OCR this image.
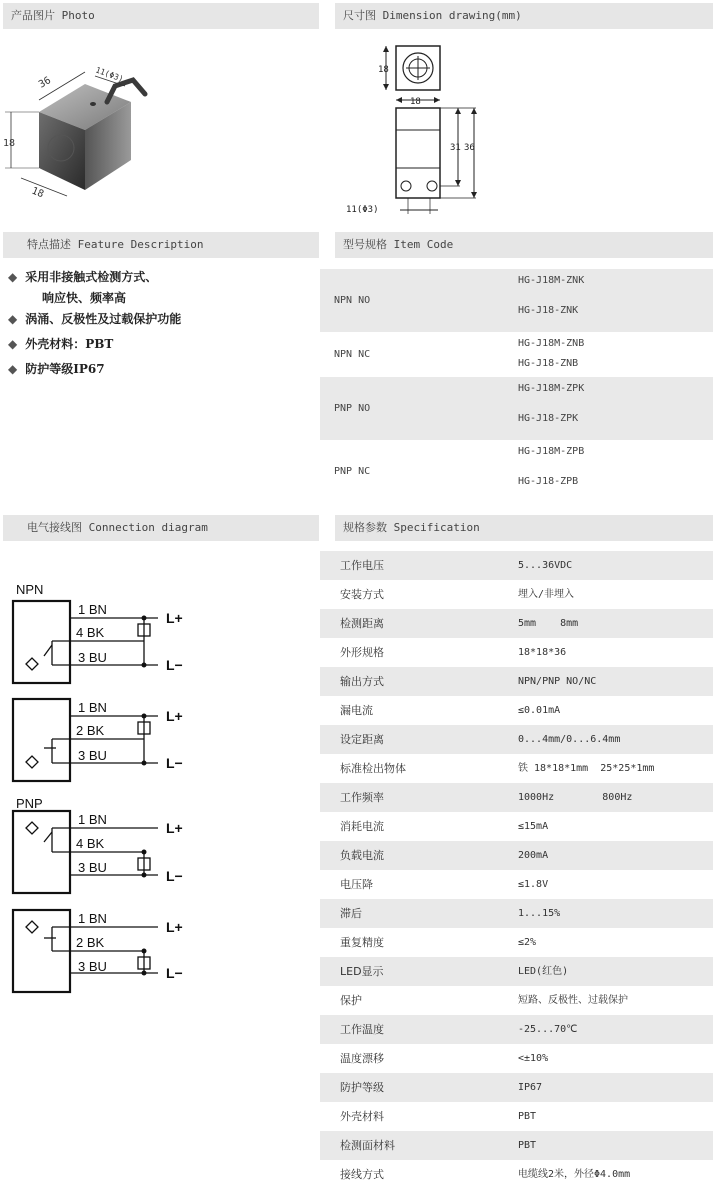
产品图片 Photo	尺寸图 Dimension drawing(mm)
特点描述 Feature Description	型号规格 Item Code
电气接线图 Connection diagram	规格参数 Specification
36	11(Φ3)
18
18
18
18
31 36
11(Φ3)
◆ 采用非接触式检测方式、
响应快、频率高
◆ 涡涌、反极性及过载保护功能
◆ 外壳材料：PBT
◆ 防护等级IP67
NPN NO
HG-J18M-ZNK
HG-J18-ZNK
NPN NC
HG-J18M-ZNB
HG-J18-ZNB
PNP NO
HG-J18M-ZPK
HG-J18-ZPK
PNP NC
HG-J18M-ZPB
HG-J18-ZPB
NPN
PNP
1 BN
4 BK
3 BU
L+
L−
1 BN
2 BK
3 BU
L+
L−
1 BN
4 BK
3 BU
L+
L−
1 BN
2 BK
3 BU
L+
L−
工作电压	5...36VDC
安装方式	埋入/非埋入
检测距离	5mm    8mm
外形规格	18*18*36
输出方式	NPN/PNP NO/NC
漏电流	≤0.01mA
设定距离	0...4mm/0...6.4mm
标准检出物体	铁 18*18*1mm  25*25*1mm
工作频率	1000Hz        800Hz
消耗电流	≤15mA
负载电流	200mA
电压降	≤1.8V
滞后	1...15%
重复精度	≤2%
LED显示	LED(红色)
保护	短路、反极性、过载保护
工作温度	-25...70℃
温度漂移	<±10%
防护等级	IP67
外壳材料	PBT
检测面材料	PBT
接线方式	电缆线2米，外径Φ4.0mm
